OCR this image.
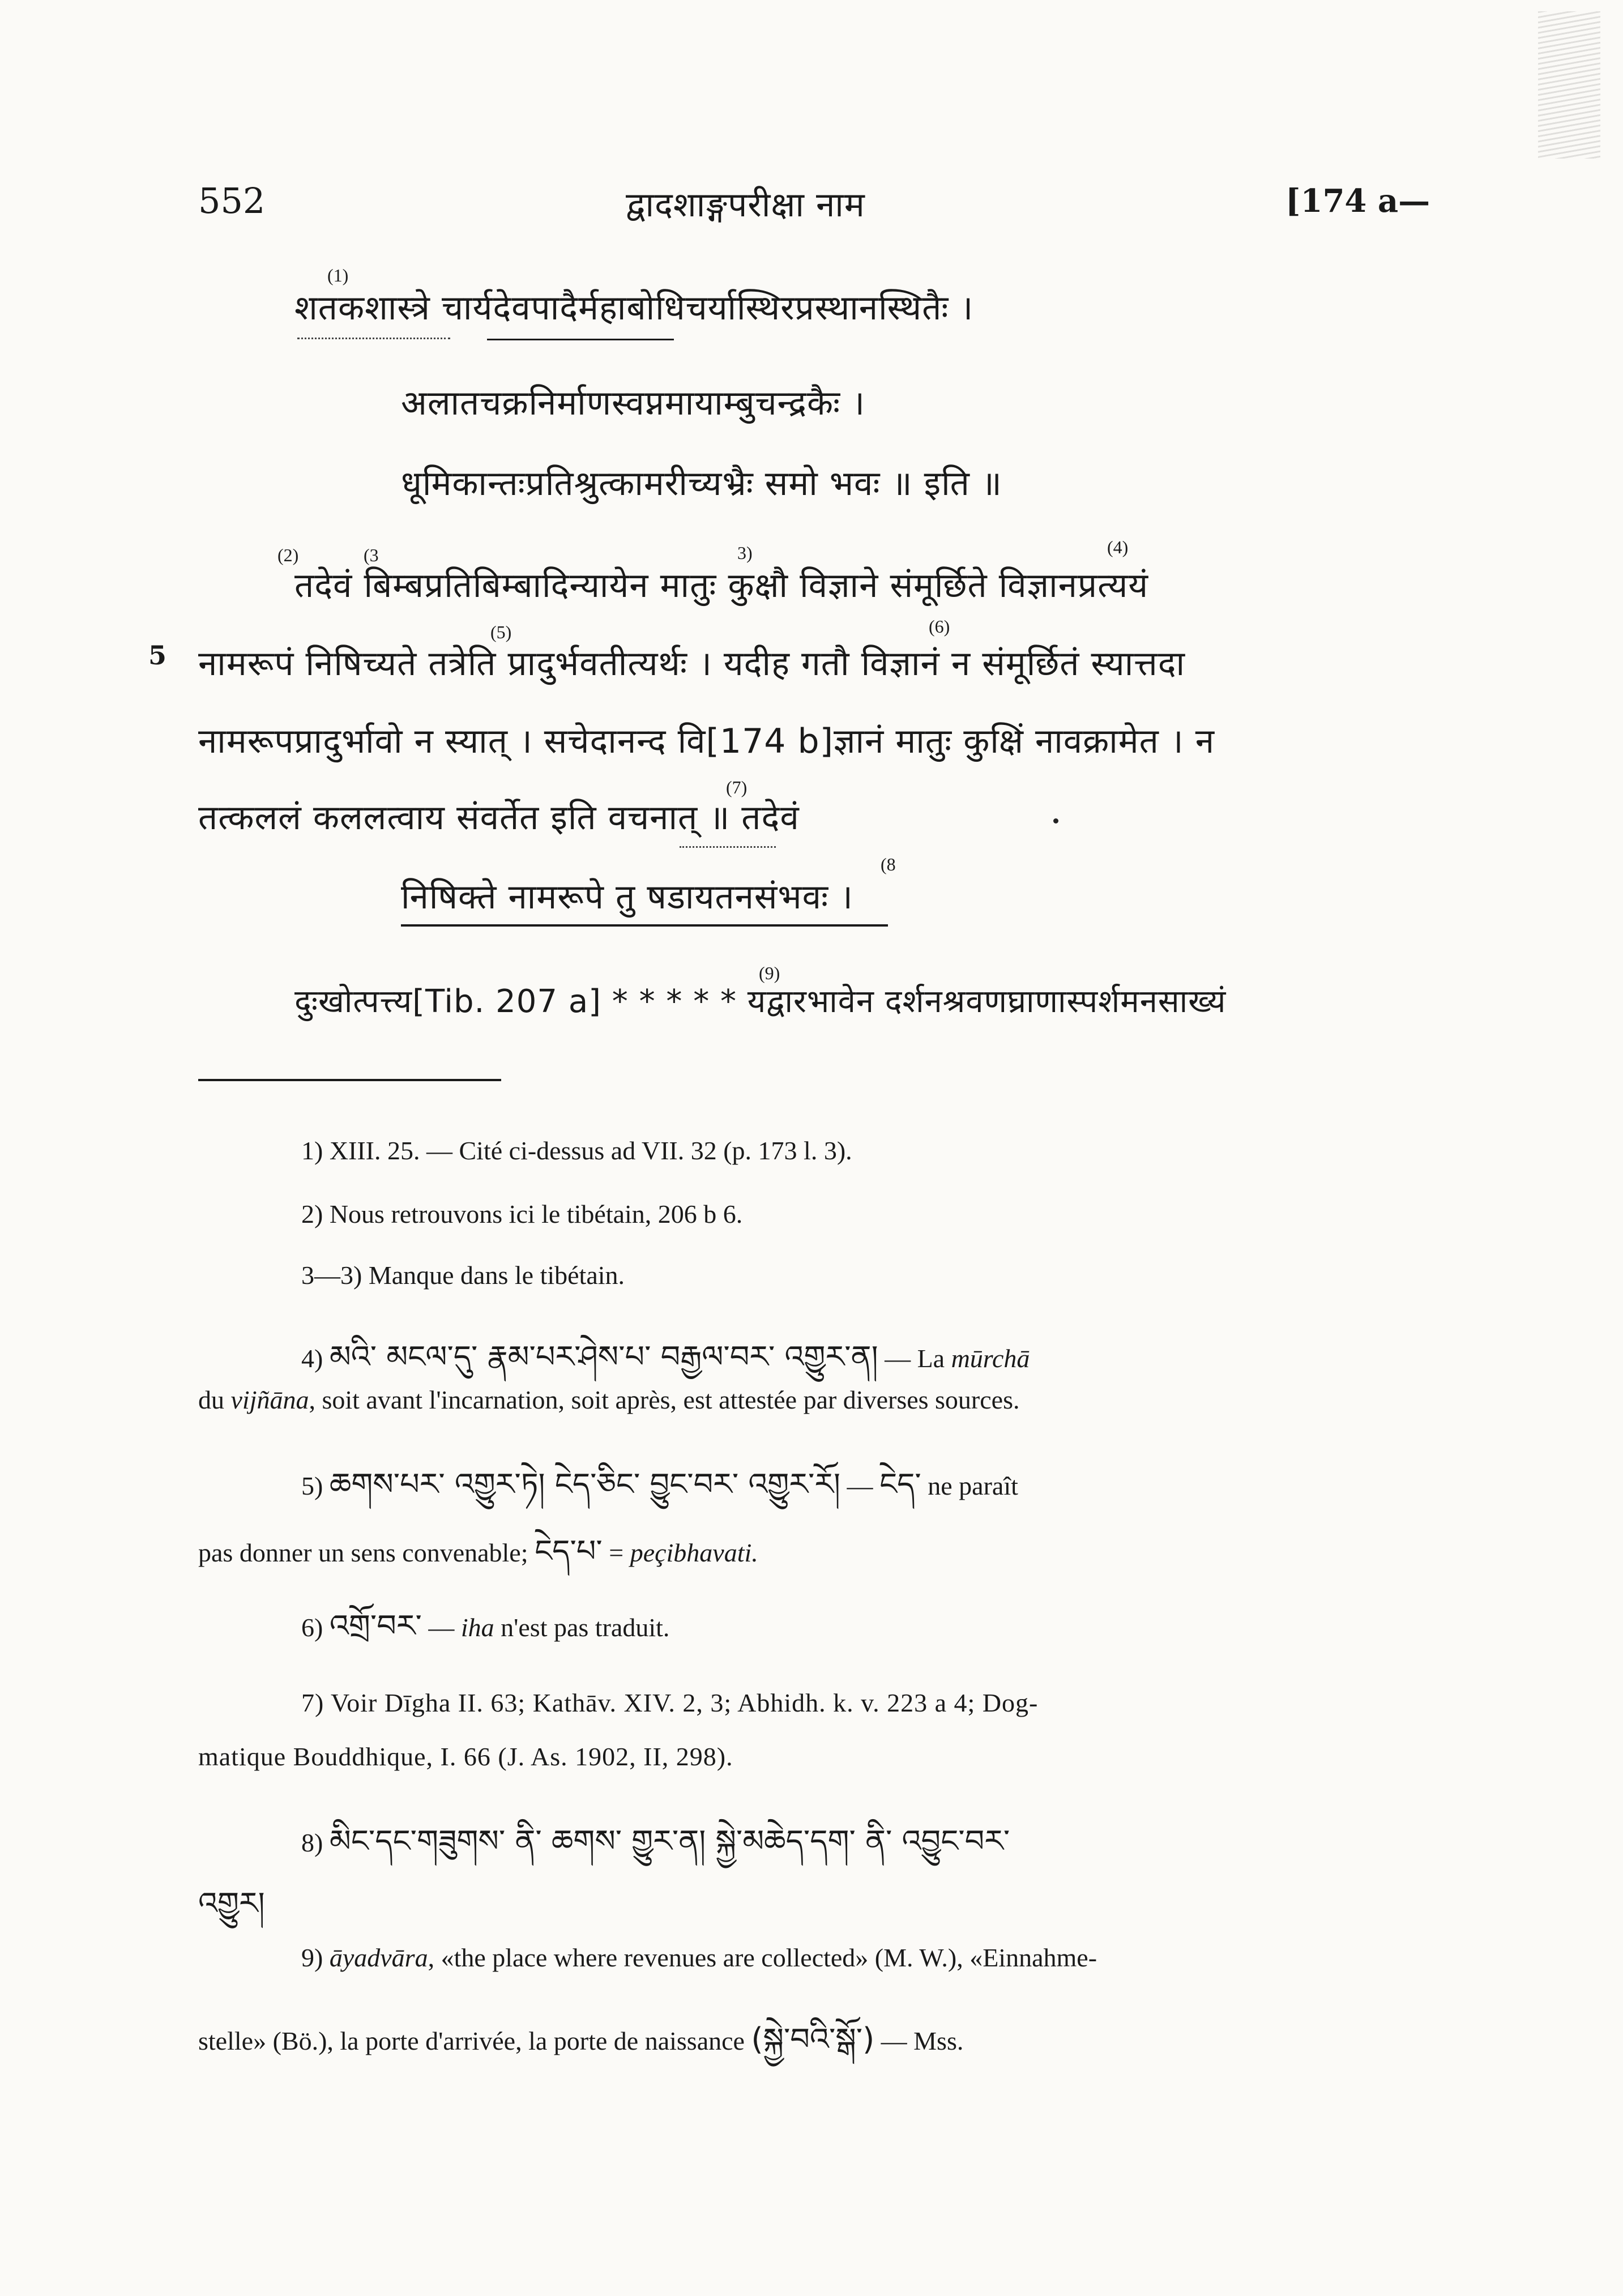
552	द्वादशाङ्गपरीक्षा नाम	[174 a—
(1)
शतकशास्त्रे चार्यदेवपादैर्महाबोधिचर्यास्थिरप्रस्थानस्थितैः ।
अलातचक्रनिर्माणस्वप्नमायाम्बुचन्द्रकैः ।
धूमिकान्तःप्रतिश्रुत्कामरीच्यभ्रैः समो भवः ॥ इति ॥
(2)	(3	3)	(4)
तदेवं बिम्बप्रतिबिम्बादिन्यायेन मातुः कुक्षौ विज्ञाने संमूर्छिते विज्ञानप्रत्ययं
5
(5)	(6)
नामरूपं निषिच्यते तत्रेति प्रादुर्भवतीत्यर्थः । यदीह गतौ विज्ञानं न संमूर्छितं स्यात्तदा
नामरूपप्रादुर्भावो न स्यात् । सचेदानन्द वि[174 b]ज्ञानं मातुः कुक्षिं नावक्रामेत । न
(7)
तत्कललं कललत्वाय संवर्तेत इति वचनात् ॥ तदेवं
(8
निषिक्ते नामरूपे तु षडायतनसंभवः ।
(9)
दुःखोत्पत्त्य[Tib. 207 a] * * * * * यद्वारभावेन दर्शनश्रवणघ्राणास्पर्शमनसाख्यं
1) XIII. 25. — Cité ci-dessus ad VII. 32 (p. 173 l. 3).
2) Nous retrouvons ici le tibétain, 206 b 6.
3—3) Manque dans le tibétain.
4) མའི་ མངལ་དུ་ རྣམ་པར་ཤེས་པ་ བརྒྱལ་བར་ འགྱུར་ན། — La mūrchā
du vijñāna, soit avant l'incarnation, soit après, est attestée par diverses sources.
5) ཆགས་པར་ འགྱུར་ཏེ། ངེད་ཅིང་ བྱུང་བར་ འགྱུར་རོ། — ངེད་ ne paraît
pas donner un sens convenable; ངེད་པ་ = peçibhavati.
6) འགྲོ་བར་ — iha n'est pas traduit.
7) Voir Dīgha II. 63; Kathāv. XIV. 2, 3; Abhidh. k. v. 223 a 4; Dog-
matique Bouddhique, I. 66 (J. As. 1902, II, 298).
8) མིང་དང་གཟུགས་ ནི་ ཆགས་ གྱུར་ན། སྐྱེ་མཆེད་དག་ ནི་ འབྱུང་བར་
འགྱུར།
9) āyadvāra, «the place where revenues are collected» (M. W.), «Einnahme-
stelle» (Bö.), la porte d'arrivée, la porte de naissance (སྐྱེ་བའི་སྒོ་) — Mss.
